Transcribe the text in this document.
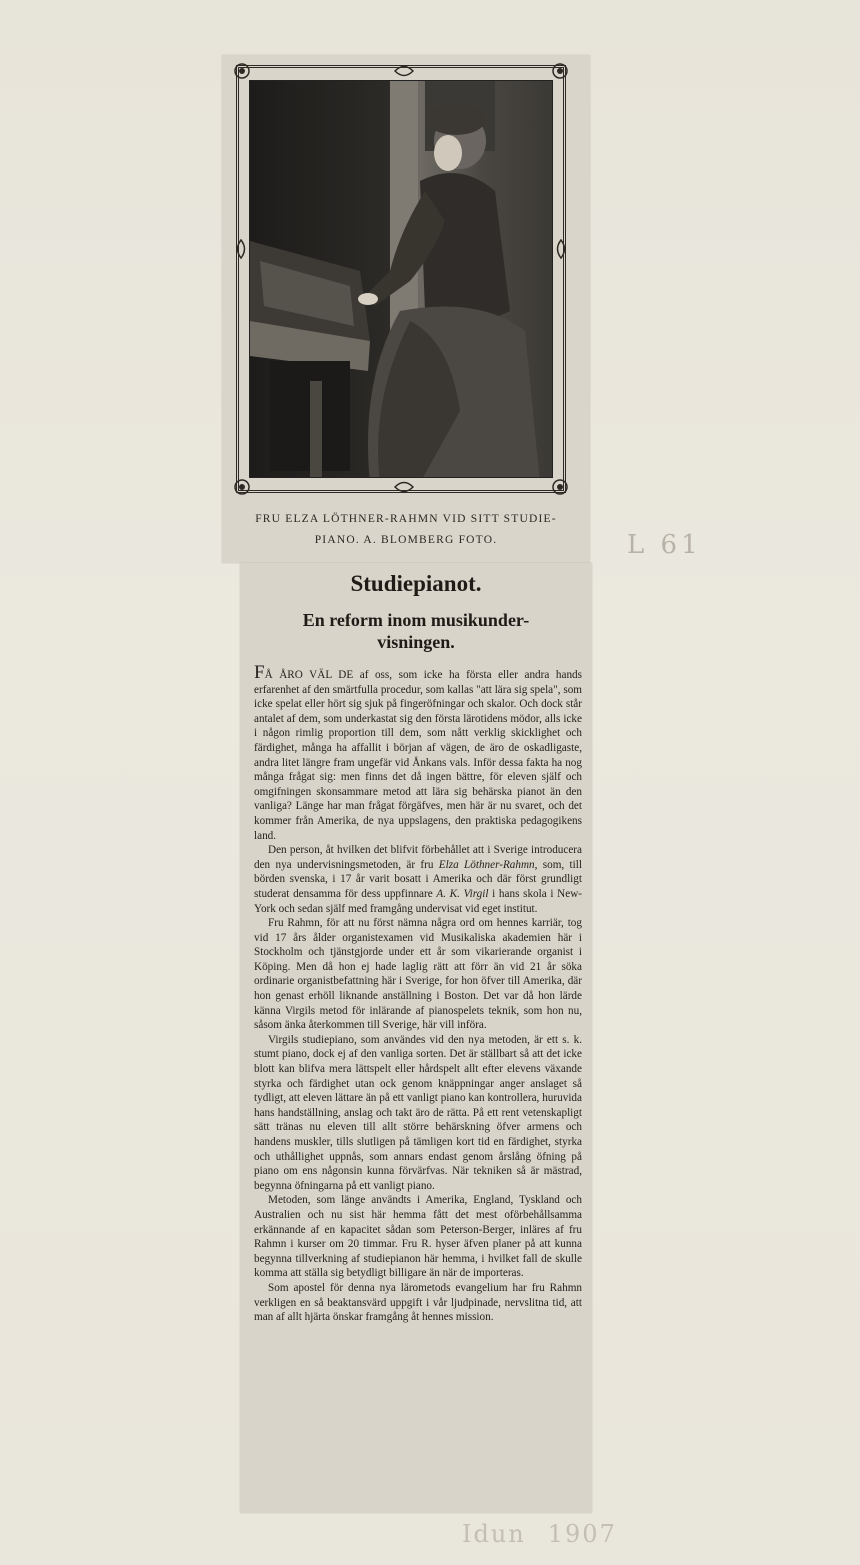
FRU ELZA LÖTHNER-RAHMN VID SITT STUDIE-
PIANO. A. BLOMBERG FOTO.	L 61
Studiepianot.
En reform inom musikunder-
visningen.

FÅ ÅRO VÄL DE af oss, som icke ha första eller andra hands erfarenhet af den smärtfulla procedur, som kallas "att lära sig spela", som icke spelat eller hört sig sjuk på fingeröfningar och skalor. Och dock står antalet af dem, som underkastat sig den första lärotidens mödor, alls icke i någon rimlig proportion till dem, som nått verklig skicklighet och färdighet, många ha affallit i början af vägen, de äro de oskadligaste, andra litet längre fram ungefär vid Ånkans vals. Inför dessa fakta ha nog många frågat sig: men finns det då ingen bättre, för eleven själf och omgifningen skonsammare metod att lära sig behärska pianot än den vanliga? Länge har man frågat förgäfves, men här är nu svaret, och det kommer från Amerika, de nya uppslagens, den praktiska pedagogikens land.

Den person, åt hvilken det blifvit förbehållet att i Sverige introducera den nya undervisningsmetoden, är fru Elza Löthner-Rahmn, som, till börden svenska, i 17 år varit bosatt i Amerika och där först grundligt studerat densamma för dess uppfinnare A. K. Virgil i hans skola i New-York och sedan själf med framgång undervisat vid eget institut.

Fru Rahmn, för att nu först nämna några ord om hennes karriär, tog vid 17 års ålder organistexamen vid Musikaliska akademien här i Stockholm och tjänstgjorde under ett år som vikarierande organist i Köping. Men då hon ej hade laglig rätt att förr än vid 21 år söka ordinarie organistbefattning här i Sverige, for hon öfver till Amerika, där hon genast erhöll liknande anställning i Boston. Det var då hon lärde känna Virgils metod för inlärande af pianospelets teknik, som hon nu, såsom änka återkommen till Sverige, här vill införa.

Virgils studiepiano, som användes vid den nya metoden, är ett s. k. stumt piano, dock ej af den vanliga sorten. Det är ställbart så att det icke blott kan blifva mera lättspelt eller hårdspelt allt efter elevens växande styrka och färdighet utan ock genom knäppningar anger anslaget så tydligt, att eleven lättare än på ett vanligt piano kan kontrollera, huruvida hans handställning, anslag och takt äro de rätta. På ett rent vetenskapligt sätt tränas nu eleven till allt större behärskning öfver armens och handens muskler, tills slutligen på tämligen kort tid en färdighet, styrka och uthållighet uppnås, som annars endast genom årslång öfning på piano om ens någonsin kunna förvärfvas. När tekniken så är mästrad, begynna öfningarna på ett vanligt piano.

Metoden, som länge användts i Amerika, England, Tyskland och Australien och nu sist här hemma fått det mest oförbehållsamma erkännande af en kapacitet sådan som Peterson-Berger, inläres af fru Rahmn i kurser om 20 timmar. Fru R. hyser äfven planer på att kunna begynna tillverkning af studiepianon här hemma, i hvilket fall de skulle komma att ställa sig betydligt billigare än när de importeras.

Som apostel för denna nya lärometods evangelium har fru Rahmn verkligen en så beaktansvärd uppgift i vår ljudpinade, nervslitna tid, att man af allt hjärta önskar framgång åt hennes mission.

Idun 1907
